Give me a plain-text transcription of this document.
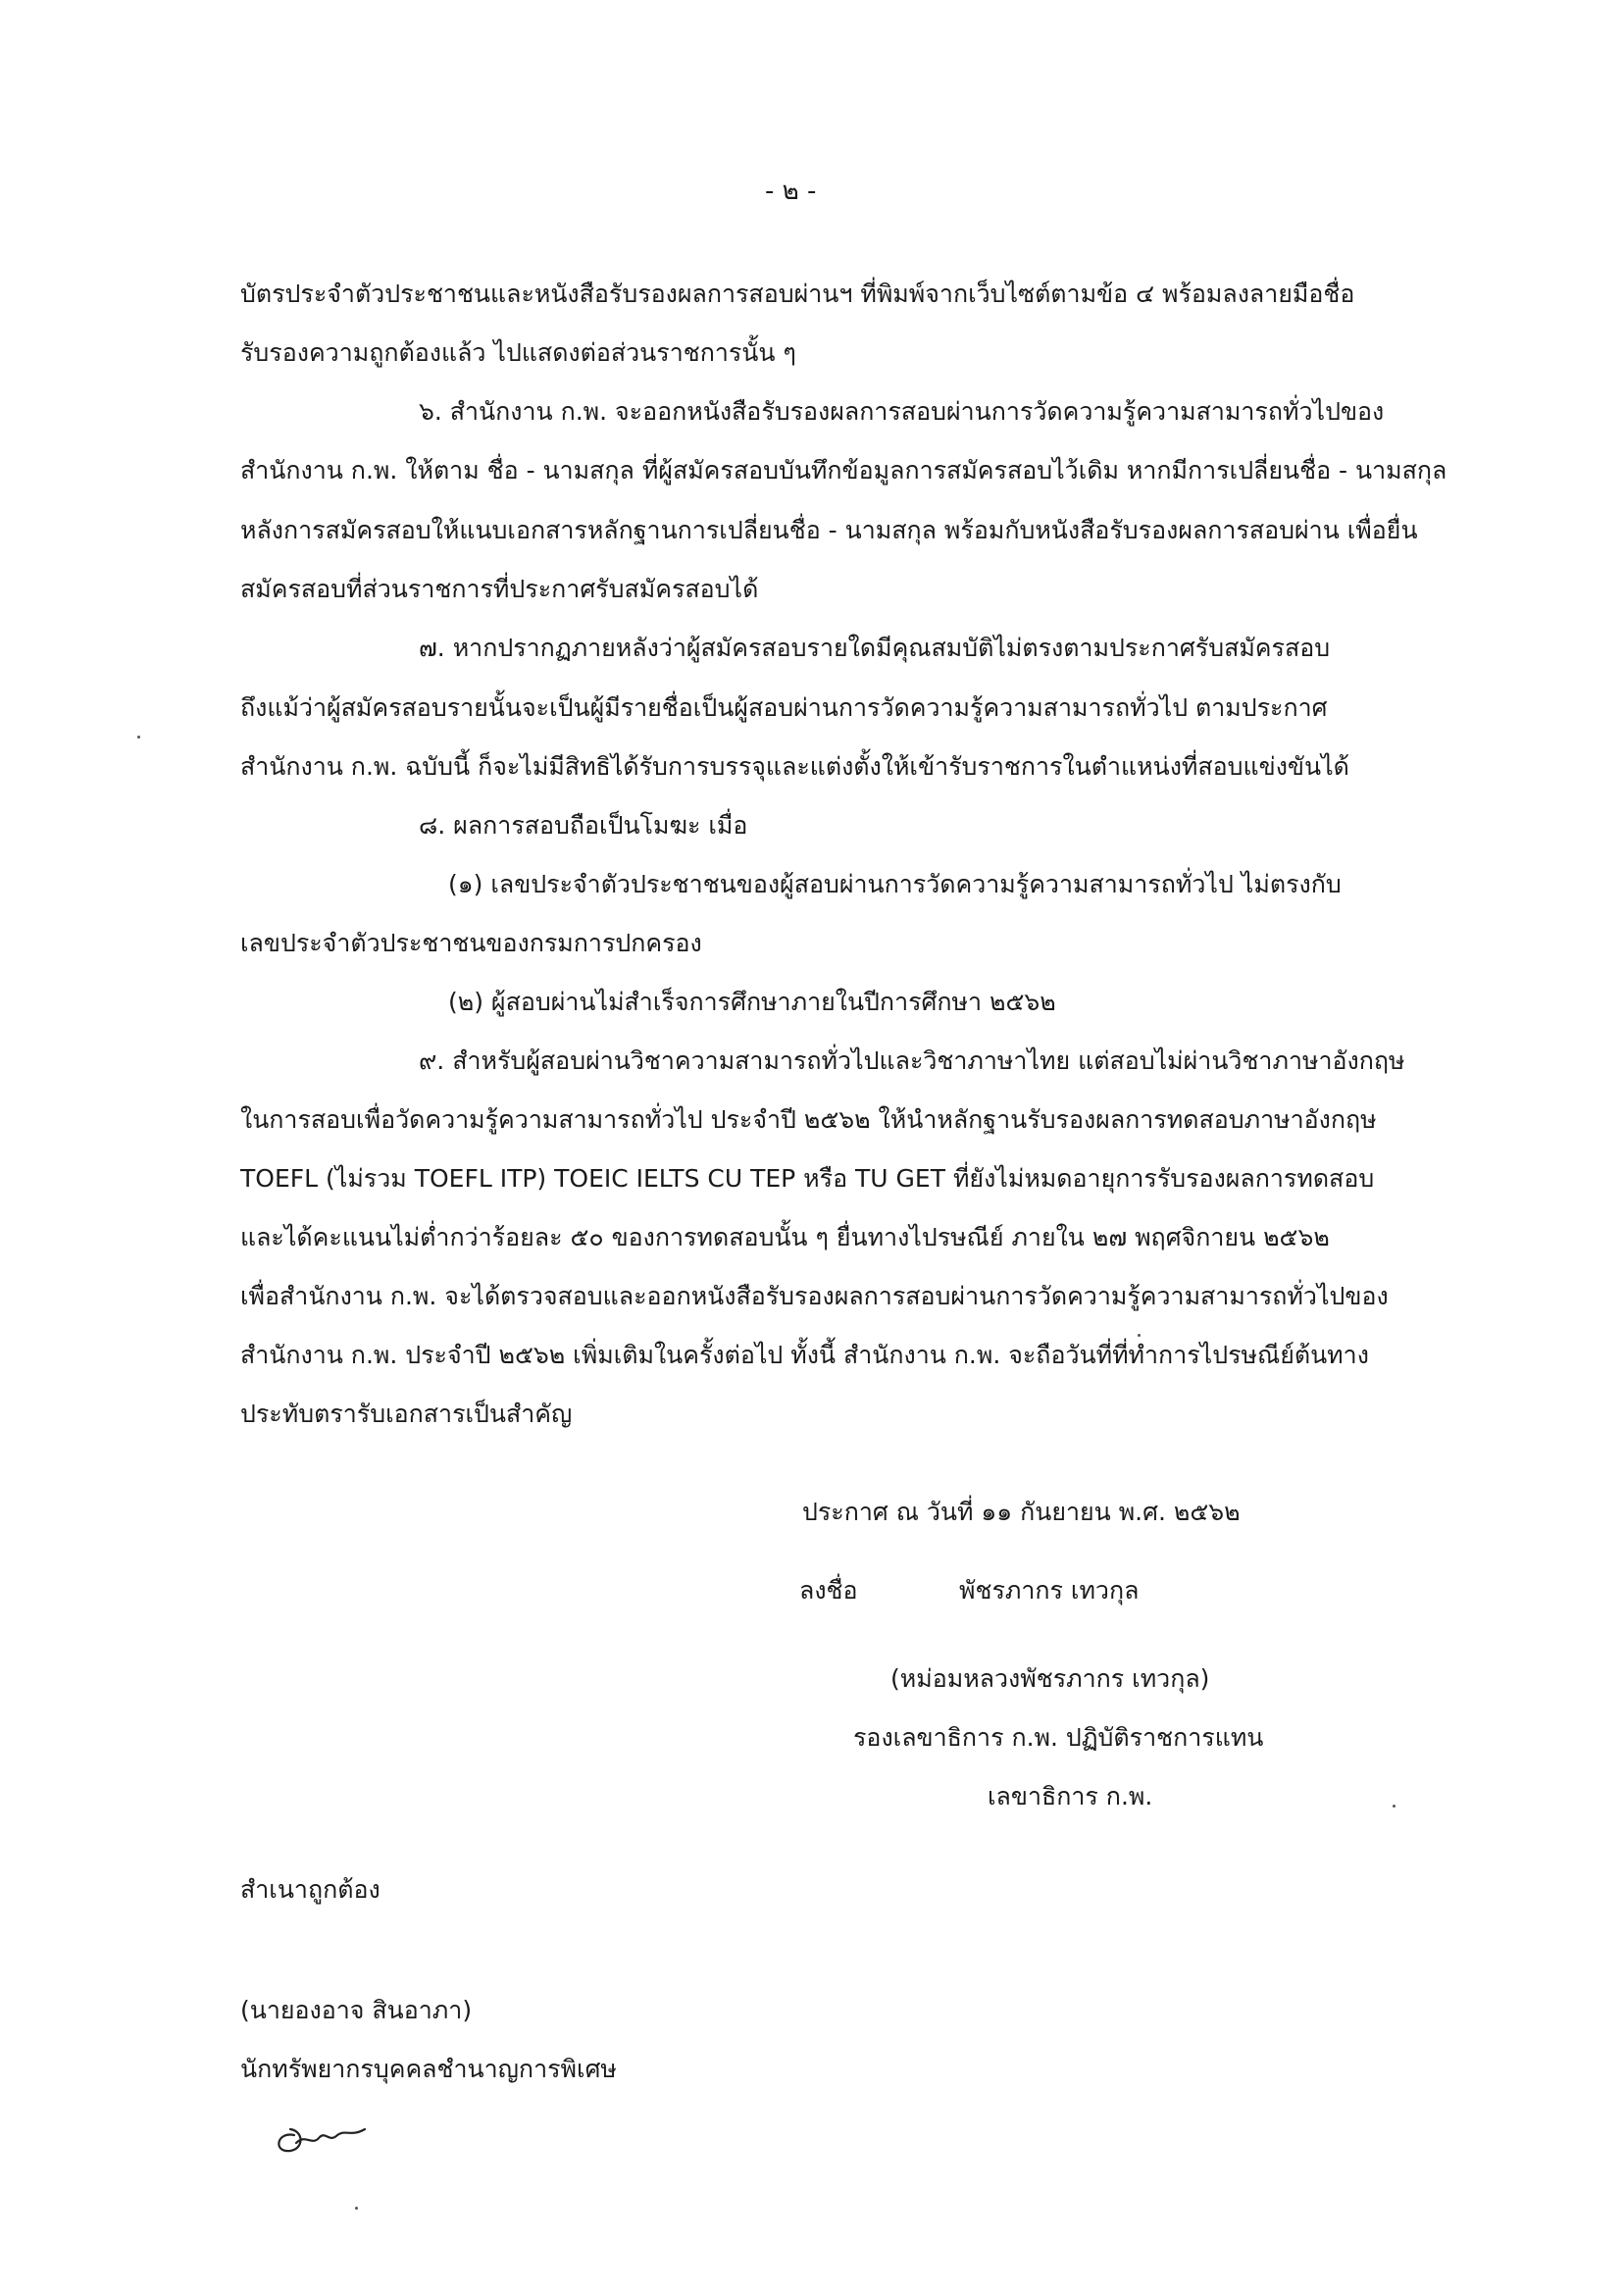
- ๒ -
บัตรประจำตัวประชาชนและหนังสือรับรองผลการสอบผ่านฯ ที่พิมพ์จากเว็บไซต์ตามข้อ ๔ พร้อมลงลายมือชื่อ
รับรองความถูกต้องแล้ว ไปแสดงต่อส่วนราชการนั้น ๆ
๖. สำนักงาน ก.พ. จะออกหนังสือรับรองผลการสอบผ่านการวัดความรู้ความสามารถทั่วไปของ
สำนักงาน ก.พ. ให้ตาม ชื่อ - นามสกุล ที่ผู้สมัครสอบบันทึกข้อมูลการสมัครสอบไว้เดิม หากมีการเปลี่ยนชื่อ - นามสกุล
หลังการสมัครสอบให้แนบเอกสารหลักฐานการเปลี่ยนชื่อ - นามสกุล พร้อมกับหนังสือรับรองผลการสอบผ่าน เพื่อยื่น
สมัครสอบที่ส่วนราชการที่ประกาศรับสมัครสอบได้
๗. หากปรากฏภายหลังว่าผู้สมัครสอบรายใดมีคุณสมบัติไม่ตรงตามประกาศรับสมัครสอบ
ถึงแม้ว่าผู้สมัครสอบรายนั้นจะเป็นผู้มีรายชื่อเป็นผู้สอบผ่านการวัดความรู้ความสามารถทั่วไป ตามประกาศ
สำนักงาน ก.พ. ฉบับนี้ ก็จะไม่มีสิทธิได้รับการบรรจุและแต่งตั้งให้เข้ารับราชการในตำแหน่งที่สอบแข่งขันได้
๘. ผลการสอบถือเป็นโมฆะ เมื่อ
(๑) เลขประจำตัวประชาชนของผู้สอบผ่านการวัดความรู้ความสามารถทั่วไป ไม่ตรงกับ
เลขประจำตัวประชาชนของกรมการปกครอง
(๒) ผู้สอบผ่านไม่สำเร็จการศึกษาภายในปีการศึกษา ๒๕๖๒
๙. สำหรับผู้สอบผ่านวิชาความสามารถทั่วไปและวิชาภาษาไทย แต่สอบไม่ผ่านวิชาภาษาอังกฤษ
ในการสอบเพื่อวัดความรู้ความสามารถทั่วไป ประจำปี ๒๕๖๒ ให้นำหลักฐานรับรองผลการทดสอบภาษาอังกฤษ
TOEFL (ไม่รวม TOEFL ITP) TOEIC IELTS CU TEP หรือ TU GET ที่ยังไม่หมดอายุการรับรองผลการทดสอบ
และได้คะแนนไม่ต่ำกว่าร้อยละ ๕๐ ของการทดสอบนั้น ๆ ยื่นทางไปรษณีย์ ภายใน ๒๗ พฤศจิกายน ๒๕๖๒
เพื่อสำนักงาน ก.พ. จะได้ตรวจสอบและออกหนังสือรับรองผลการสอบผ่านการวัดความรู้ความสามารถทั่วไปของ
สำนักงาน ก.พ. ประจำปี ๒๕๖๒ เพิ่มเติมในครั้งต่อไป ทั้งนี้ สำนักงาน ก.พ. จะถือวันที่ที่ทำการไปรษณีย์ต้นทาง
ประทับตรารับเอกสารเป็นสำคัญ
ประกาศ ณ วันที่ ๑๑ กันยายน พ.ศ. ๒๕๖๒
ลงชื่อ	พัชรภากร เทวกุล
(หม่อมหลวงพัชรภากร เทวกุล)
รองเลขาธิการ ก.พ. ปฏิบัติราชการแทน
เลขาธิการ ก.พ.
สำเนาถูกต้อง
(นายองอาจ สินอาภา)
นักทรัพยากรบุคคลชำนาญการพิเศษ
